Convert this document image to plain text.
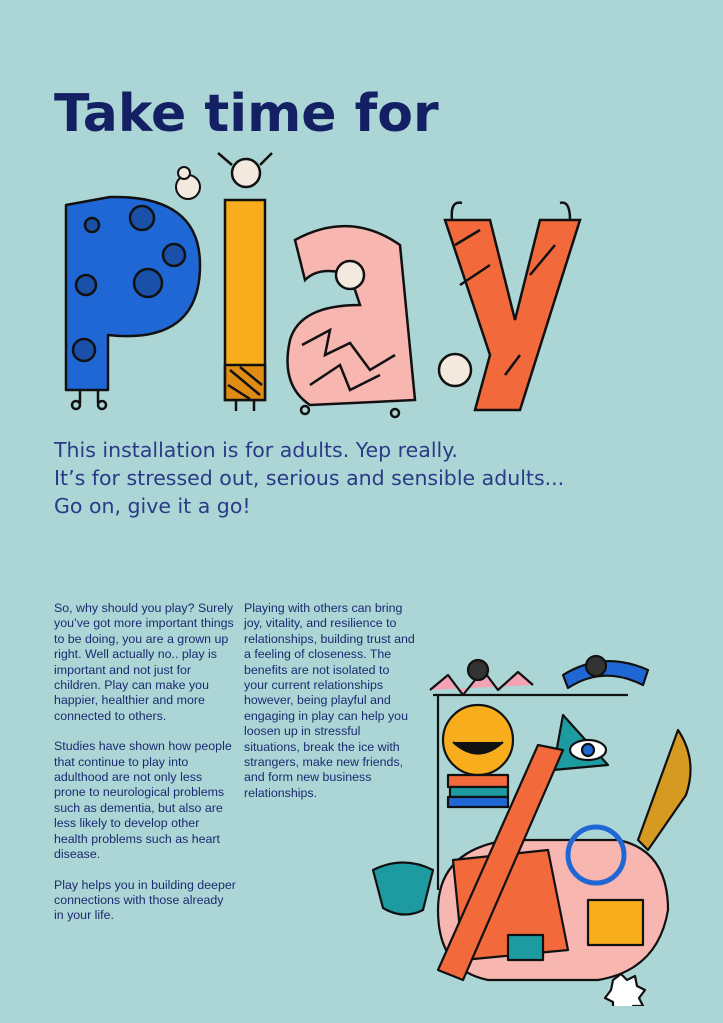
Take time for
This installation is for adults. Yep really.
It’s for stressed out, serious and sensible adults...
Go on, give it a go!

So, why should you play? Surely you’ve got more important things to be doing, you are a grown up right. Well actually no.. play is important and not just for children. Play can make you happier, healthier and more connected to others.

Studies have shown how people that continue to play into adulthood are not only less prone to neurological problems such as dementia, but also are less likely to develop other health problems such as heart disease.

Play helps you in building deeper connections with those already in your life.

Playing with others can bring joy, vitality, and resilience to relationships, building trust and a feeling of closeness. The benefits are not isolated to your current relationships however, being playful and engaging in play can help you loosen up in stressful situations, break the ice with strangers, make new friends, and form new business relationships.
